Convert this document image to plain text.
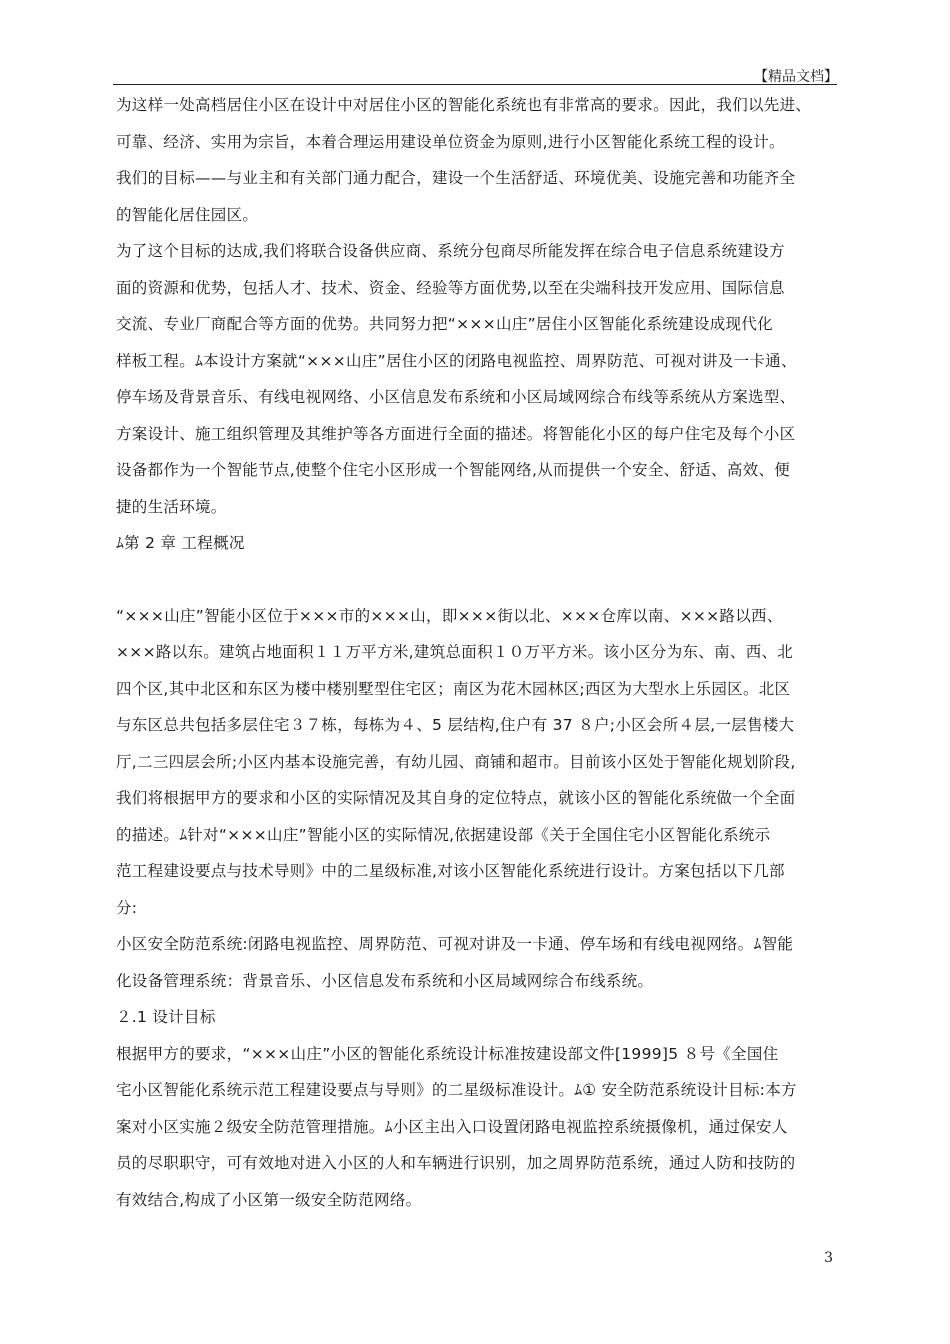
【精品文档】
为这样一处高档居住小区在设计中对居住小区的智能化系统也有非常高的要求。因此，我们以先进、
可靠、经济、实用为宗旨，本着合理运用建设单位资金为原则,进行小区智能化系统工程的设计。
我们的目标——与业主和有关部门通力配合，建设一个生活舒适、环境优美、设施完善和功能齐全
的智能化居住园区。
为了这个目标的达成,我们将联合设备供应商、系统分包商尽所能发挥在综合电子信息系统建设方
面的资源和优势，包括人才、技术、资金、经验等方面优势,以至在尖端科技开发应用、国际信息
交流、专业厂商配合等方面的优势。共同努力把“×××山庄”居住小区智能化系统建设成现代化
样板工程。ﾑ本设计方案就“×××山庄”居住小区的闭路电视监控、周界防范、可视对讲及一卡通、
停车场及背景音乐、有线电视网络、小区信息发布系统和小区局域网综合布线等系统从方案选型、
方案设计、施工组织管理及其维护等各方面进行全面的描述。将智能化小区的每户住宅及每个小区
设备都作为一个智能节点,使整个住宅小区形成一个智能网络,从而提供一个安全、舒适、高效、便
捷的生活环境。
ﾑ第 2 章 工程概况
“×××山庄”智能小区位于×××市的×××山，即×××街以北、×××仓库以南、×××路以西、
×××路以东。建筑占地面积１１万平方米,建筑总面积１０万平方米。该小区分为东、南、西、北
四个区,其中北区和东区为楼中楼别墅型住宅区；南区为花木园林区;西区为大型水上乐园区。北区
与东区总共包括多层住宅３７栋，每栋为４、5 层结构,住户有 37 ８户;小区会所４层,一层售楼大
厅,二三四层会所;小区内基本设施完善，有幼儿园、商铺和超市。目前该小区处于智能化规划阶段,
我们将根据甲方的要求和小区的实际情况及其自身的定位特点，就该小区的智能化系统做一个全面
的描述。ﾑ针对“×××山庄”智能小区的实际情况,依据建设部《关于全国住宅小区智能化系统示
范工程建设要点与技术导则》中的二星级标准,对该小区智能化系统进行设计。方案包括以下几部
分:
小区安全防范系统:闭路电视监控、周界防范、可视对讲及一卡通、停车场和有线电视网络。ﾑ智能
化设备管理系统：背景音乐、小区信息发布系统和小区局域网综合布线系统。
２.1 设计目标
根据甲方的要求，“×××山庄”小区的智能化系统设计标准按建设部文件[1999]5 ８号《全国住
宅小区智能化系统示范工程建设要点与导则》的二星级标准设计。ﾑ① 安全防范系统设计目标:本方
案对小区实施２级安全防范管理措施。ﾑ小区主出入口设置闭路电视监控系统摄像机，通过保安人
员的尽职职守，可有效地对进入小区的人和车辆进行识别，加之周界防范系统，通过人防和技防的
有效结合,构成了小区第一级安全防范网络。
3
